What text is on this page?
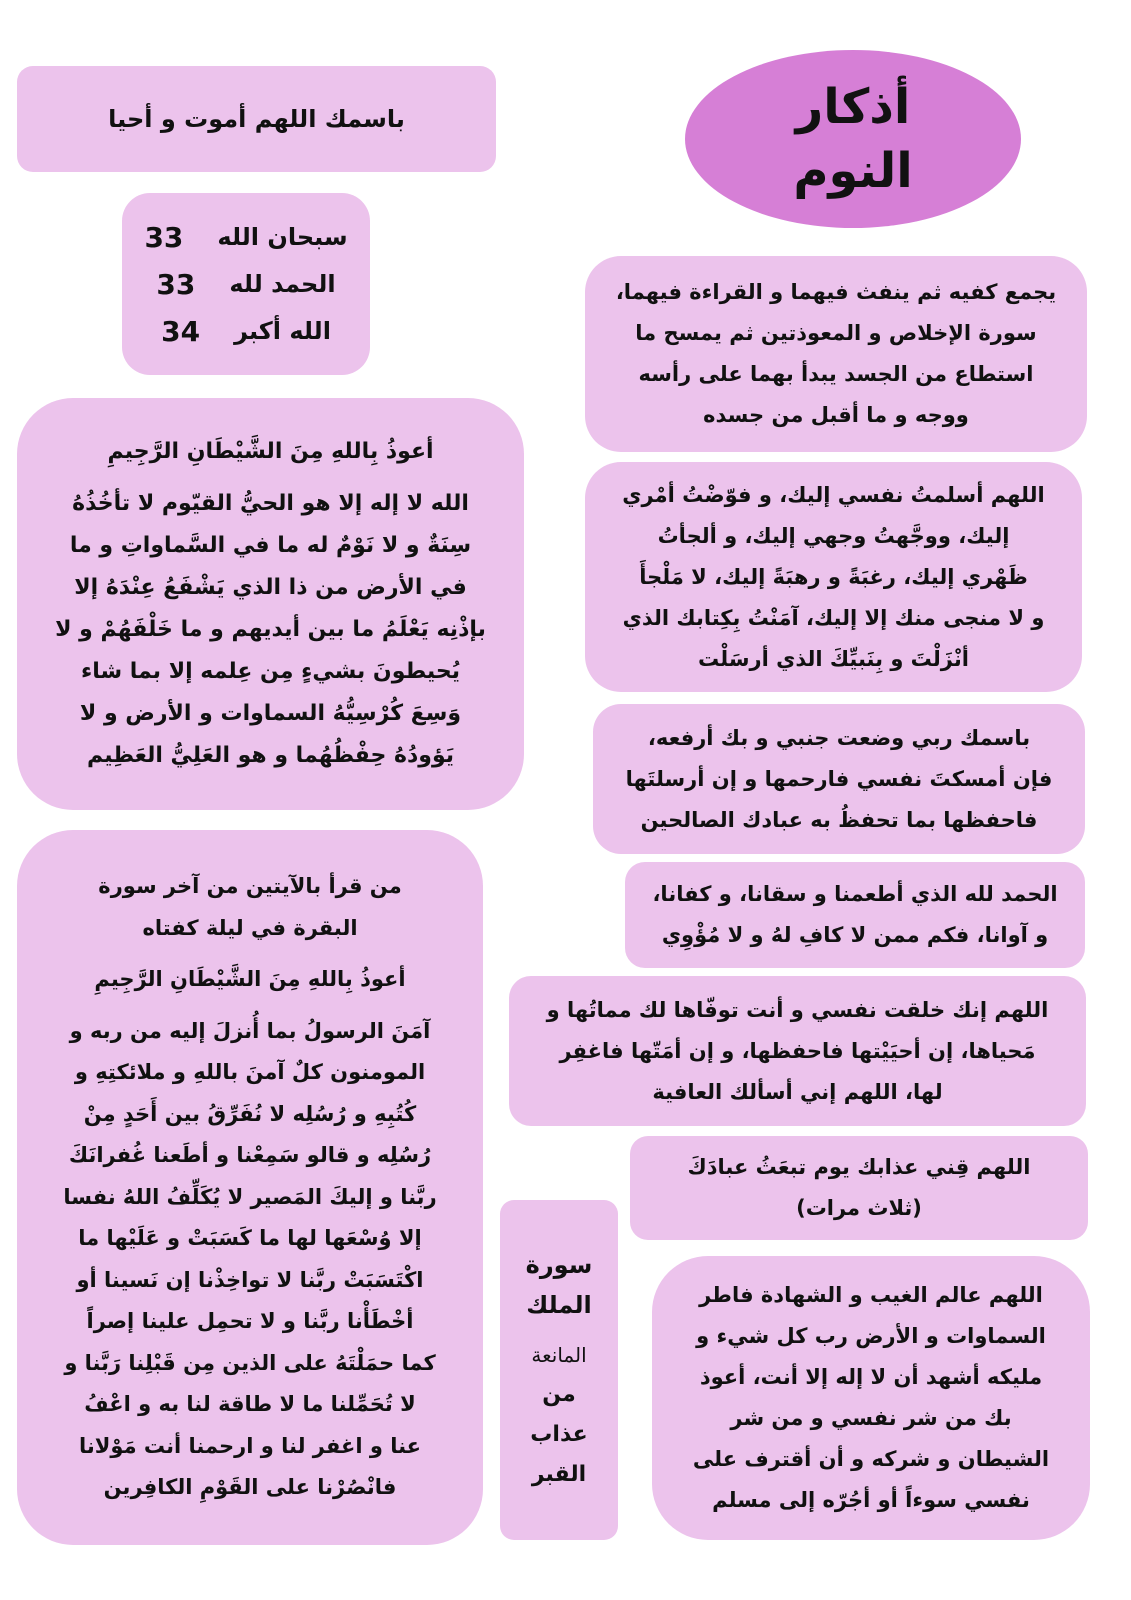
أذكار
النوم

باسمك اللهم أموت و أحيا

سبحان الله
33
الحمد لله
33
الله أكبر
34

أعوذُ بِاللهِ مِنَ الشَّيْطَانِ الرَّجِيمِ

الله لا إله إلا هو الحيُّ القيّوم لا تأخُذُهُ

سِنَةٌ و لا نَوْمٌ له ما في السَّماواتِ و ما

في الأرض من ذا الذي يَشْفَعُ عِنْدَهُ إلا

بإذْنِه يَعْلَمُ ما بين أيديهم و ما خَلْفَهُمْ و لا

يُحيطونَ بشيءٍ مِن عِلمه إلا بما شاء

وَسِعَ كُرْسِيُّهُ السماوات و الأرض و لا

يَؤودُهُ حِفْظُهُما و هو العَلِيُّ العَظِيم

من قرأ بالآيتين من آخر سورة

البقرة في ليلة كفتاه

أعوذُ بِاللهِ مِنَ الشَّيْطَانِ الرَّجِيمِ

آمَنَ الرسولُ بما أُنزلَ إليه من ربه و

المومنون كلٌ آمنَ باللهِ و ملائكتِهِ و

كُتُبِهِ و رُسُلِه لا نُفَرِّقُ بين أَحَدٍ مِنْ

رُسُلِه و قالو سَمِعْنا و أطَعنا غُفرانَكَ

ربَّنا و إليكَ المَصير لا يُكَلِّفُ اللهُ نفسا

إلا وُسْعَها لها ما كَسَبَتْ و عَلَيْها ما

اكْتَسَبَتْ ربَّنا لا تواخِذْنا إن نَسينا أو

أخْطَأْنا ربَّنا و لا تحمِل علينا إصراً

كما حمَلْتَهُ على الذين مِن قَبْلِنا رَبَّنا و

لا تُحَمِّلنا ما لا طاقة لنا به و اعْفُ

عنا و اغفر لنا و ارحمنا أنت مَوْلانا

فانْصُرْنا على القَوْمِ الكافِرين

سورة

الملك

المانعة

من

عذاب

القبر

يجمع كفيه ثم ينفث فيهما و القراءة فيهما،

سورة الإخلاص و المعوذتين ثم يمسح ما

استطاع من الجسد يبدأ بهما على رأسه

ووجه و ما أقبل من جسده

اللهم أسلمتُ نفسي إليك، و فوّضْتُ أمْري

إليك، ووجَّهتُ وجهي إليك، و ألجأتُ

ظَهْري إليك، رغبَةً و رهبَةً إليك، لا مَلْجأَ

و لا منجى منك إلا إليك، آمَنْتُ بِكِتابك الذي

أنْزَلْتَ و بِنَبيِّكَ الذي أرسَلْت

باسمك ربي وضعت جنبي و بك أرفعه،

فإن أمسكتَ نفسي فارحمها و إن أرسلتَها

فاحفظها بما تحفظُ به عبادك الصالحين

الحمد لله الذي أطعمنا و سقانا، و كفانا،

و آوانا، فكم ممن لا كافِ لهُ و لا مُؤْوِي

اللهم إنك خلقت نفسي و أنت توفّاها لك مماتُها و

مَحياها، إن أحيَيْتها فاحفظها، و إن أمَتّها فاغفِر

لها، اللهم إني أسألك العافية

اللهم قِني عذابك يوم تبعَثُ عبادَكَ

(ثلاث مرات)

اللهم عالم الغيب و الشهادة فاطر

السماوات و الأرض رب كل شيء و

مليكه أشهد أن لا إله إلا أنت، أعوذ

بك من شر نفسي و من شر

الشيطان و شركه و أن أقترف على

نفسي سوءاً أو أجُرّه إلى مسلم
